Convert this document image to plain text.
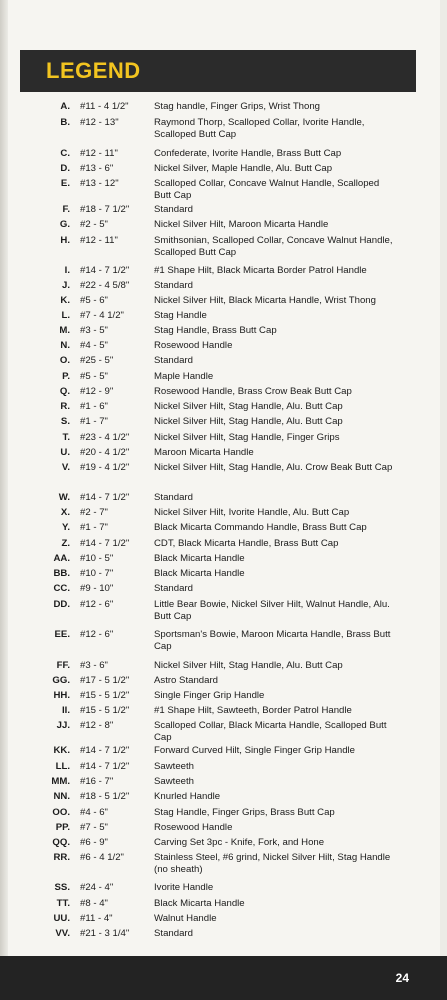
LEGEND
A. #11 - 4 1/2"	Stag handle, Finger Grips, Wrist Thong
B. #12 - 13"	Raymond Thorp, Scalloped Collar, Ivorite Handle, Scalloped Butt Cap
C. #12 - 11"	Confederate, Ivorite Handle, Brass Butt Cap
D. #13 - 6"	Nickel Silver, Maple Handle, Alu. Butt Cap
E. #13 - 12"	Scalloped Collar, Concave Walnut Handle, Scalloped Butt Cap
F. #18 - 7 1/2"	Standard
G. #2 - 5"	Nickel Silver Hilt, Maroon Micarta Handle
H. #12 - 11"	Smithsonian, Scalloped Collar, Concave Walnut Handle, Scalloped Butt Cap
I. #14 - 7 1/2"	#1 Shape Hilt, Black Micarta Border Patrol Handle
J. #22 - 4 5/8"	Standard
K. #5 - 6"	Nickel Silver Hilt, Black Micarta Handle, Wrist Thong
L. #7 - 4 1/2"	Stag Handle
M. #3 - 5"	Stag Handle, Brass Butt Cap
N. #4 - 5"	Rosewood Handle
O. #25 - 5"	Standard
P. #5 - 5"	Maple Handle
Q. #12 - 9"	Rosewood Handle, Brass Crow Beak Butt Cap
R. #1 - 6"	Nickel Silver Hilt, Stag Handle, Alu. Butt Cap
S. #1 - 7"	Nickel Silver Hilt, Stag Handle, Alu. Butt Cap
T. #23 - 4 1/2"	Nickel Silver Hilt, Stag Handle, Finger Grips
U. #20 - 4 1/2"	Maroon Micarta Handle
V. #19 - 4 1/2"	Nickel Silver Hilt, Stag Handle, Alu. Crow Beak Butt Cap
W. #14 - 7 1/2"	Standard
X. #2 - 7"	Nickel Silver Hilt, Ivorite Handle, Alu. Butt Cap
Y. #1 - 7"	Black Micarta Commando Handle, Brass Butt Cap
Z. #14 - 7 1/2"	CDT, Black Micarta Handle, Brass Butt Cap
AA. #10 - 5"	Black Micarta Handle
BB. #10 - 7"	Black Micarta Handle
CC. #9 - 10"	Standard
DD. #12 - 6"	Little Bear Bowie, Nickel Silver Hilt, Walnut Handle, Alu. Butt Cap
EE. #12 - 6"	Sportsman's Bowie, Maroon Micarta Handle, Brass Butt Cap
FF. #3 - 6"	Nickel Silver Hilt, Stag Handle, Alu. Butt Cap
GG. #17 - 5 1/2"	Astro Standard
HH. #15 - 5 1/2"	Single Finger Grip Handle
II. #15 - 5 1/2"	#1 Shape Hilt, Sawteeth, Border Patrol Handle
JJ. #12 - 8"	Scalloped Collar, Black Micarta Handle, Scalloped Butt Cap
KK. #14 - 7 1/2"	Forward Curved Hilt, Single Finger Grip Handle
LL. #14 - 7 1/2"	Sawteeth
MM. #16 - 7"	Sawteeth
NN. #18 - 5 1/2"	Knurled Handle
OO. #4 - 6"	Stag Handle, Finger Grips, Brass Butt Cap
PP. #7 - 5"	Rosewood Handle
QQ. #6 - 9"	Carving Set 3pc - Knife, Fork, and Hone
RR. #6 - 4 1/2"	Stainless Steel, #6 grind, Nickel Silver Hilt, Stag Handle (no sheath)
SS. #24 - 4"	Ivorite Handle
TT. #8 - 4"	Black Micarta Handle
UU. #11 - 4"	Walnut Handle
VV. #21 - 3 1/4"	Standard
24
